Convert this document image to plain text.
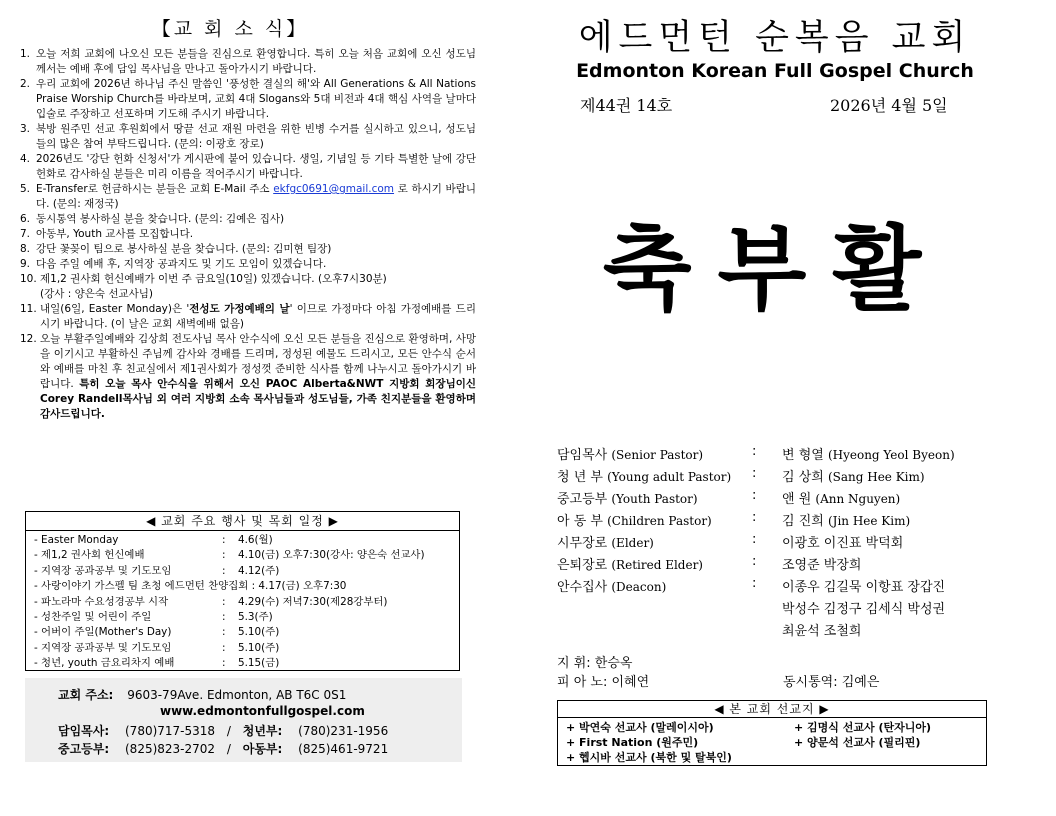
【교 회 소 식】
1. 오늘 저희 교회에 나오신 모든 분들을 진심으로 환영합니다. 특히 오늘 처음 교회에 오신 성도님께서는 예배 후에 담임 목사님을 만나고 돌아가시기 바랍니다.
2. 우리 교회에 2026년 하나님 주신 말씀인 '풍성한 결실의 해'와 All Generations & All Nations Praise Worship Church를 바라보며, 교회 4대 Slogans와 5대 비전과 4대 핵심 사역을 날마다 입술로 주장하고 선포하며 기도해 주시기 바랍니다.
3. 북방 원주민 선교 후원회에서 땅끝 선교 재원 마련을 위한 빈병 수거를 실시하고 있으니, 성도님들의 많은 참여 부탁드립니다. (문의: 이광호 장로)
4. 2026년도 '강단 헌화 신청서'가 게시판에 붙어 있습니다. 생일, 기념일 등 기타 특별한 날에 강단 헌화로 감사하실 분들은 미리 이름을 적어주시기 바랍니다.
5. E-Transfer로 헌금하시는 분들은 교회 E-Mail 주소 ekfgc0691@gmail.com 로 하시기 바랍니다. (문의: 재정국)
6. 동시통역 봉사하실 분을 찾습니다. (문의: 김예은 집사)
7. 아동부, Youth 교사를 모집합니다.
8. 강단 꽃꽂이 팀으로 봉사하실 분을 찾습니다. (문의: 김미현 팀장)
9. 다음 주일 예배 후, 지역장 공과지도 및 기도 모임이 있겠습니다.
10. 제1,2 권사회 헌신예배가 이번 주 금요일(10일) 있겠습니다. (오후7시30분)
(강사 : 양은숙 선교사님)
11. 내일(6일, Easter Monday)은 '전성도 가정예배의 날' 이므로 가정마다 아침 가정예배를 드리시기 바랍니다. (이 날은 교회 새벽예배 없음)
12. 오늘 부활주일예배와 김상희 전도사님 목사 안수식에 오신 모든 분들을 진심으로 환영하며, 사망을 이기시고 부활하신 주님께 감사와 경배를 드리며, 정성된 예물도 드리시고, 모든 안수식 순서와 예배를 마친 후 친교실에서 제1권사회가 정성껏 준비한 식사를 함께 나누시고 돌아가시기 바랍니다. 특히 오늘 목사 안수식을 위해서 오신 PAOC Alberta&NWT 지방회 회장님이신 Corey Randell목사님 외 여러 지방회 소속 목사님들과 성도님들, 가족 친지분들을 환영하며 감사드립니다.
◀ 교회 주요 행사 및 목회 일정 ▶
- Easter Monday	: 4.6(월)
- 제1,2 권사회 헌신예배	: 4.10(금) 오후7:30(강사: 양은숙 선교사)
- 지역장 공과공부 및 기도모임	: 4.12(주)
- 사랑이야기 가스펠 팀 초청 에드먼턴 찬양집회 : 4.17(금) 오후7:30
- 파노라마 수요성경공부 시작	: 4.29(수) 저녁7:30(제28강부터)
- 성찬주일 및 어린이 주일	: 5.3(주)
- 어버이 주일(Mother's Day)	: 5.10(주)
- 지역장 공과공부 및 기도모임	: 5.10(주)
- 청년, youth 금요리차지 예배	: 5.15(금)
교회 주소: 9603-79Ave. Edmonton, AB T6C 0S1
www.edmontonfullgospel.com
담임목사: (780)717-5318 / 청년부: (780)231-1956
중고등부: (825)823-2702 / 아동부: (825)461-9721
에드먼턴 순복음 교회
Edmonton Korean Full Gospel Church
제44권 14호	2026년 4월 5일
축부활
담임목사 (Senior Pastor)	: 변 형열 (Hyeong Yeol Byeon)
청 년 부 (Young adult Pastor) : 김 상희 (Sang Hee Kim)
중고등부 (Youth Pastor)	: 앤 원 (Ann Nguyen)
아 동 부 (Children Pastor)	: 김 진희 (Jin Hee Kim)
시무장로 (Elder)	: 이광호 이진표 박덕회
은퇴장로 (Retired Elder)	: 조영준 박장희
안수집사 (Deacon)	: 이종우 김길묵 이항표 장갑진
박성수 김정구 김세식 박성권
최윤석 조철희
지 휘: 한승옥
피 아 노: 이혜연	동시통역: 김예은
◀ 본 교회 선교지 ▶
+ 박연숙 선교사 (말레이시아)	+ 김명식 선교사 (탄자니아)
+ First Nation (원주민)	+ 양문석 선교사 (필리핀)
+ 헵시바 선교사 (북한 및 탈북인)
